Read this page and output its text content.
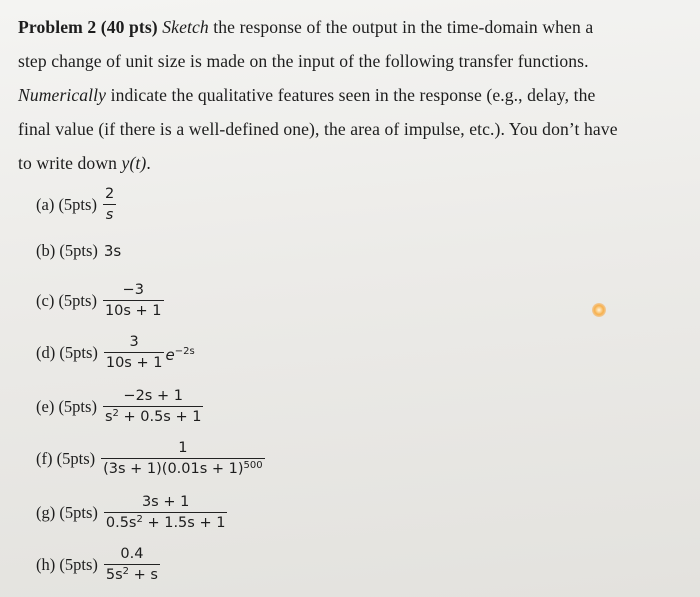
Problem 2 (40 pts) Sketch the response of the output in the time-domain when a
step change of unit size is made on the input of the following transfer functions.
Numerically indicate the qualitative features seen in the response (e.g., delay, the
final value (if there is a well-defined one), the area of impulse, etc.). You don’t have
to write down y(t).
(a) $(5pts) \frac{2}{s}$
(b) (5pts) 3s
(c) $(5pts) \frac{-3}{10s + 1}$
(d) $(5pts) \frac{3}{10s + 1} e^{-2s}$
(e) $(5pts) \frac{-2s + 1}{s^2 + 0.5s + 1}$
(f) $(5pts) \frac{1}{(3s + 1)(0.01s + 1)^{500}}$
(g) $(5pts) \frac{3s + 1}{0.5s^2 + 1.5s + 1}$
(h) $(5pts) \frac{0.4}{5s^2 + s}$
